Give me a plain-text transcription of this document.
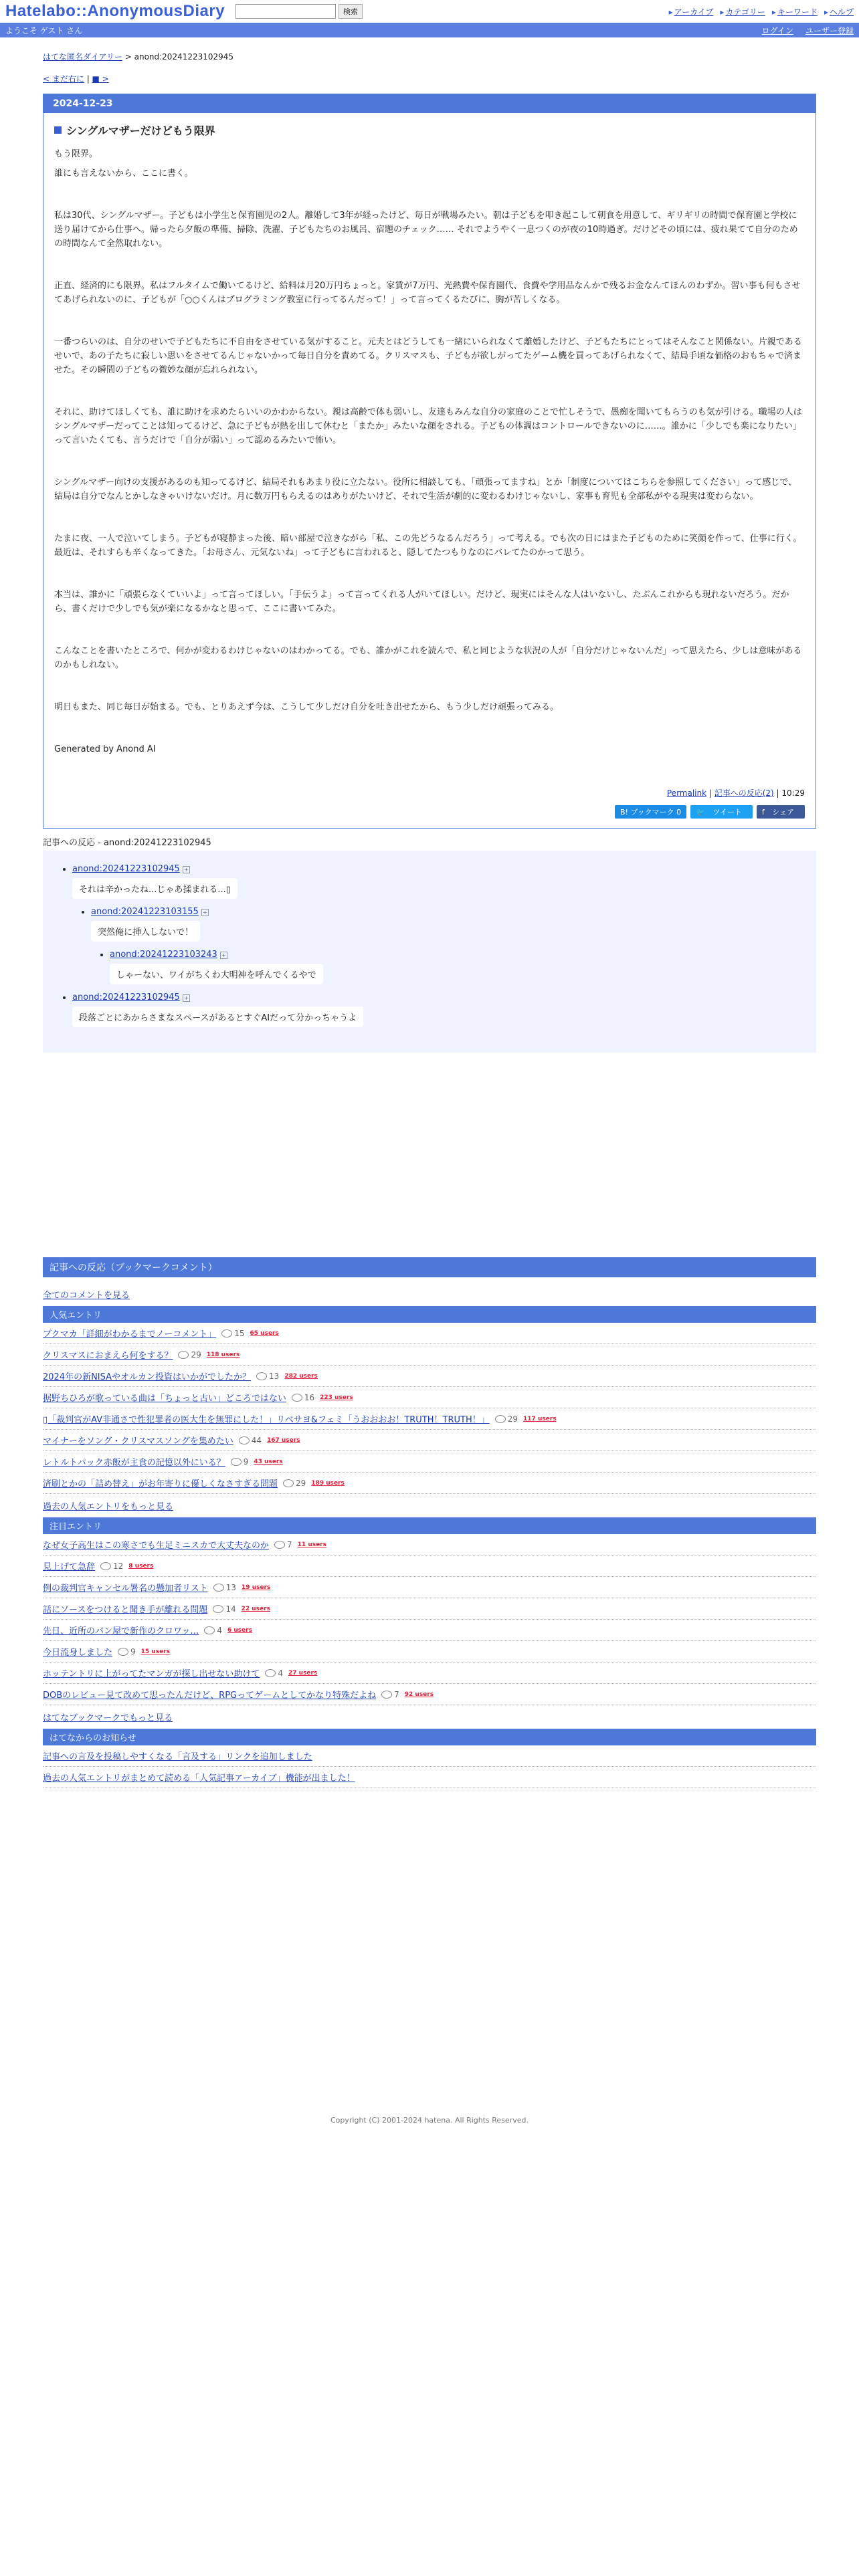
Hatelabo::AnonymousDiary	検索	▸ アーカイブ	▸ カテゴリー	▸ キーワード	▸ ヘルプ
ようこそ ゲスト さん	ログイン ユーザー登録
はてな匿名ダイアリー > anond:20241223102945
< まだ右に | ■ >
2024-12-23
シングルマザーだけどもう限界

もう限界。

誰にも言えないから、ここに書く。

私は30代、シングルマザー。子どもは小学生と保育園児の2人。離婚して3年が経ったけど、毎日が戦場みたい。朝は子どもを叩き起こして朝食を用意して、ギリギリの時間で保育園と学校に送り届けてから仕事へ。帰ったら夕飯の準備、掃除、洗濯、子どもたちのお風呂、宿題のチェック…… それでようやく一息つくのが夜の10時過ぎ。だけどその頃には、疲れ果てて自分のための時間なんて全然取れない。

正直、経済的にも限界。私はフルタイムで働いてるけど、給料は月20万円ちょっと。家賃が7万円、光熱費や保育園代、食費や学用品なんかで残るお金なんてほんのわずか。習い事も何もさせてあげられないのに、子どもが「○○くんはプログラミング教室に行ってるんだって！」って言ってくるたびに、胸が苦しくなる。

一番つらいのは、自分のせいで子どもたちに不自由をさせている気がすること。元夫とはどうしても一緒にいられなくて離婚したけど、子どもたちにとってはそんなこと関係ない。片親であるせいで、あの子たちに寂しい思いをさせてるんじゃないかって毎日自分を責めてる。クリスマスも、子どもが欲しがってたゲーム機を買ってあげられなくて、結局手頃な価格のおもちゃで済ませた。その瞬間の子どもの微妙な顔が忘れられない。

それに、助けてほしくても、誰に助けを求めたらいいのかわからない。親は高齢で体も弱いし、友達もみんな自分の家庭のことで忙しそうで、愚痴を聞いてもらうのも気が引ける。職場の人はシングルマザーだってことは知ってるけど、急に子どもが熱を出して休むと「またか」みたいな顔をされる。子どもの体調はコントロールできないのに……。誰かに「少しでも楽になりたい」って言いたくても、言うだけで「自分が弱い」って認めるみたいで怖い。

シングルマザー向けの支援があるのも知ってるけど、結局それもあまり役に立たない。役所に相談しても、「頑張ってますね」とか「制度についてはこちらを参照してください」って感じで、結局は自分でなんとかしなきゃいけないだけ。月に数万円もらえるのはありがたいけど、それで生活が劇的に変わるわけじゃないし、家事も育児も全部私がやる現実は変わらない。

たまに夜、一人で泣いてしまう。子どもが寝静まった後、暗い部屋で泣きながら「私、この先どうなるんだろう」って考える。でも次の日にはまた子どものために笑顔を作って、仕事に行く。最近は、それすらも辛くなってきた。「お母さん、元気ないね」って子どもに言われると、隠してたつもりなのにバレてたのかって思う。

本当は、誰かに「頑張らなくていいよ」って言ってほしい。「手伝うよ」って言ってくれる人がいてほしい。だけど、現実にはそんな人はいないし、たぶんこれからも現れないだろう。だから、書くだけで少しでも気が楽になるかなと思って、ここに書いてみた。

こんなことを書いたところで、何かが変わるわけじゃないのはわかってる。でも、誰かがこれを読んで、私と同じような状況の人が「自分だけじゃないんだ」って思えたら、少しは意味があるのかもしれない。

明日もまた、同じ毎日が始まる。でも、とりあえず今は、こうして少しだけ自分を吐き出せたから、もう少しだけ頑張ってみる。

Generated by Anond AI

Permalink | 記事への反応(2) | 10:29
B! ブックマーク 0	🐦 ツイート	f シェア
記事への反応 - anond:20241223102945
• anond:20241223102945 +
それは辛かったね...じゃあ揉まれる...▯
• anond:20241223103155 +
突然俺に挿入しないで！
• anond:20241223103243 +
しゃーない、ワイがちくわ大明神を呼んでくるやで
• anond:20241223102945 +
段落ごとにあからさまなスペースがあるとすぐAIだって分かっちゃうよ
記事への反応（ブックマークコメント）
全てのコメントを見る
人気エントリ
ブクマカ「詳細がわかるまでノーコメント」 15 65 users
クリスマスにおまえら何をする？ 29 118 users
2024年の新NISAやオルカン投資はいかがでしたか？ 13 282 users
据野ちひろが歌っている曲は「ちょっと古い」どころではない 16 223 users
▯「裁判官がAV非通さで性犯罪者の医大生を無罪にした！」リベサヨ&フェミ「うおおおお！TRUTH！TRUTH！」 29 117 users
マイナーをソング・クリスマスソングを集めたい 44 167 users
レトルトパック赤飯が主食の記憶以外にいる？ 9 43 users
済刷とかの「詰め替え」がお年寄りに優しくなさすぎる問題 29 189 users
過去の人気エントリをもっと見る
注目エントリ
なぜ女子高生はこの寒さでも生足ミニスカで大丈夫なのか 7 11 users
見上げて急辞 12 8 users
例の裁判官キャンセル署名の懸加者リスト 13 19 users
話にソースをつけると聞き手が離れる問題 14 22 users
先日、近所のパン屋で新作のクロワッ… 4 6 users
今日流身しました 9 15 users
ホッテントリに上がってたマンガが探し出せない助けて 4 27 users
DOBのレビュー見て改めて思ったんだけど、RPGってゲームとしてかなり特殊だよね 7 92 users
はてなブックマークでもっと見る
はてなからのお知らせ
記事への言及を投稿しやすくなる「言及する」リンクを追加しました
過去の人気エントリがまとめて読める「人気記事アーカイブ」機能が出ました！
Copyright (C) 2001-2024 hatena. All Rights Reserved.
